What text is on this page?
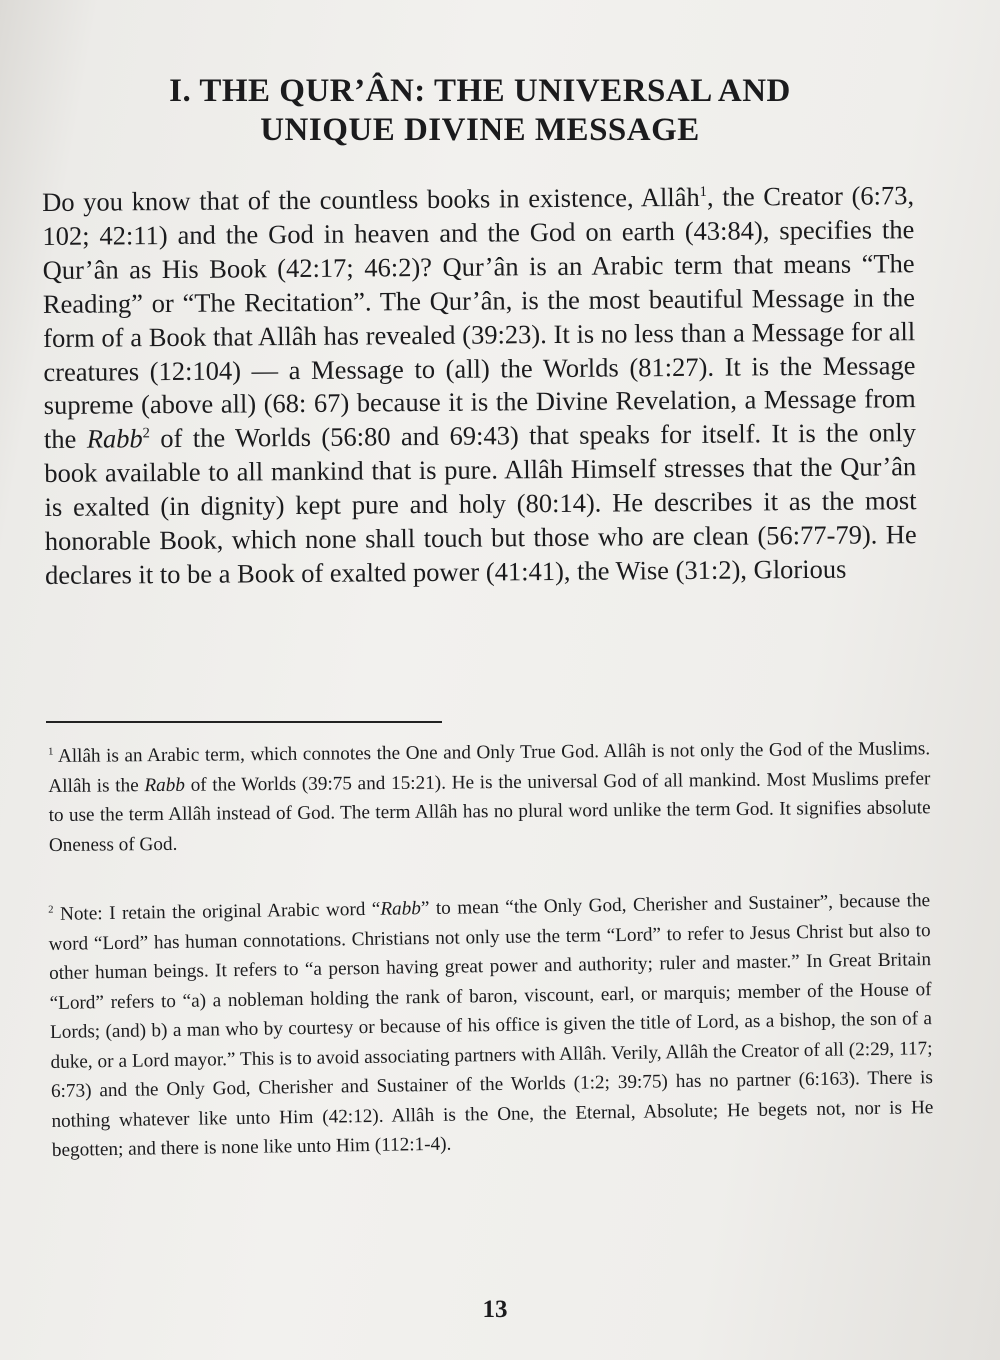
I. THE QUR’ÂN: THE UNIVERSAL AND
UNIQUE DIVINE MESSAGE

Do you know that of the countless books in existence, Allâh$^1$, the Creator (6:73, 102; 42:11) and the God in heaven and the God on earth (43:84), specifies the Qur’ân as His Book (42:17; 46:2)? Qur’ân is an Arabic term that means “The Reading” or “The Recitation”. The Qur’ân, is the most beautiful Message in the form of a Book that Allâh has revealed (39:23). It is no less than a Message for all creatures (12:104) — a Message to (all) the Worlds (81:27). It is the Message supreme (above all) (68: 67) because it is the Divine Revelation, a Message from the Rabb$^2$ of the Worlds (56:80 and 69:43) that speaks for itself. It is the only book available to all mankind that is pure. Allâh Himself stresses that the Qur’ân is exalted (in dignity) kept pure and holy (80:14). He describes it as the most honorable Book, which none shall touch but those who are clean (56:77-79). He declares it to be a Book of exalted power (41:41), the Wise (31:2), Glorious

$^1$ Allâh is an Arabic term, which connotes the One and Only True God. Allâh is not only the God of the Muslims. Allâh is the Rabb of the Worlds (39:75 and 15:21). He is the universal God of all mankind. Most Muslims prefer to use the term Allâh instead of God. The term Allâh has no plural word unlike the term God. It signifies absolute Oneness of God.

$^2$ Note: I retain the original Arabic word “Rabb” to mean “the Only God, Cherisher and Sustainer”, because the word “Lord” has human connotations. Christians not only use the term “Lord” to refer to Jesus Christ but also to other human beings. It refers to “a person having great power and authority; ruler and master.” In Great Britain “Lord” refers to “a) a nobleman holding the rank of baron, viscount, earl, or marquis; member of the House of Lords; (and) b) a man who by courtesy or because of his office is given the title of Lord, as a bishop, the son of a duke, or a Lord mayor.” This is to avoid associating partners with Allâh. Verily, Allâh the Creator of all (2:29, 117; 6:73) and the Only God, Cherisher and Sustainer of the Worlds (1:2; 39:75) has no partner (6:163). There is nothing whatever like unto Him (42:12). Allâh is the One, the Eternal, Absolute; He begets not, nor is He begotten; and there is none like unto Him (112:1-4).

13
